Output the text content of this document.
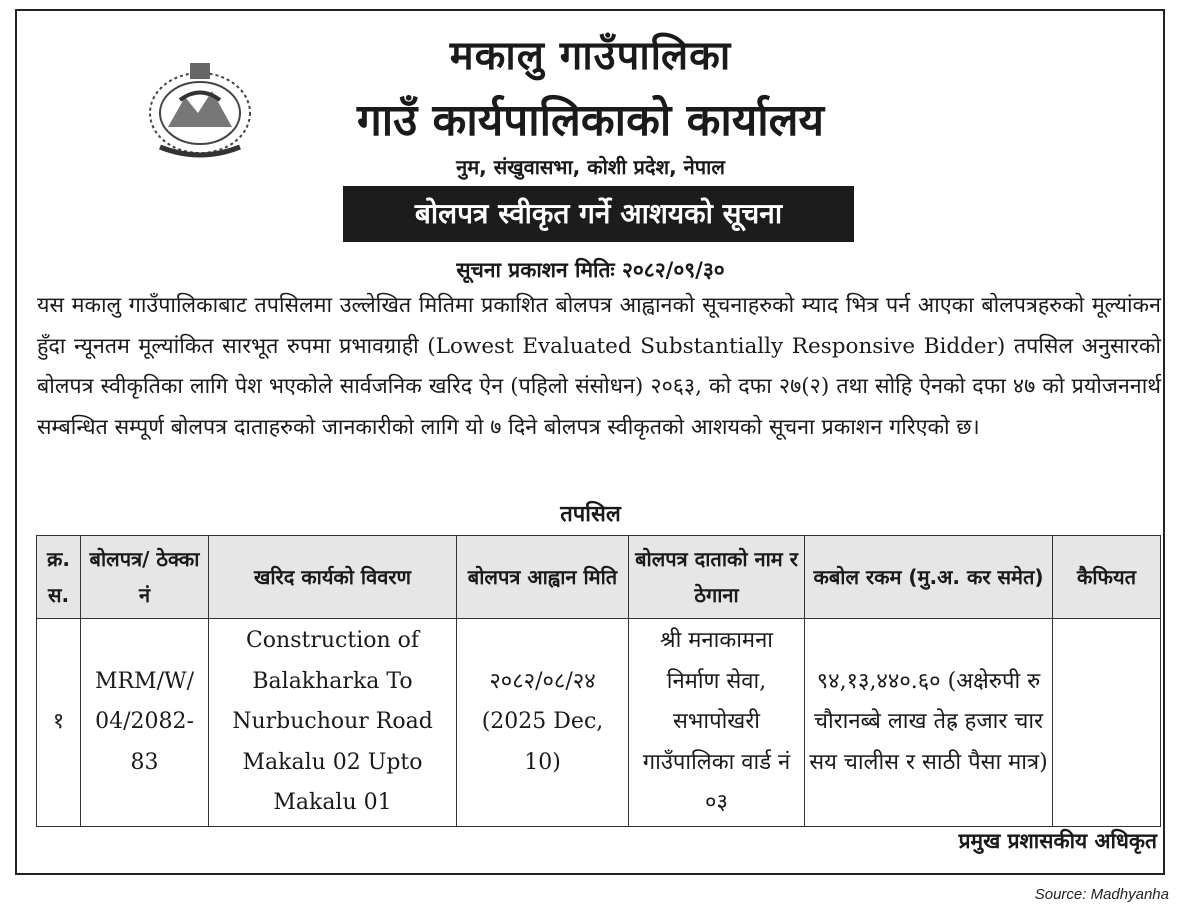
मकालु गाउँपालिका
गाउँ कार्यपालिकाको कार्यालय
नुम, संखुवासभा, कोशी प्रदेश, नेपाल
बोलपत्र स्वीकृत गर्ने आशयको सूचना
सूचना प्रकाशन मितिः २०८२/०९/३०
यस मकालु गाउँपालिकाबाट तपसिलमा उल्लेखित मितिमा प्रकाशित बोलपत्र आह्वानको सूचनाहरुको म्याद भित्र पर्न आएका बोलपत्रहरुको मूल्यांकन हुँदा न्यूनतम मूल्यांकित सारभूत रुपमा प्रभावग्राही (Lowest Evaluated Substantially Responsive Bidder) तपसिल अनुसारको बोलपत्र स्वीकृतिका लागि पेश भएकोले सार्वजनिक खरिद ऐन (पहिलो संसोधन) २०६३, को दफा २७(२) तथा सोहि ऐनको दफा ४७ को प्रयोजननार्थ सम्बन्धित सम्पूर्ण बोलपत्र दाताहरुको जानकारीको लागि यो ७ दिने बोलपत्र स्वीकृतको आशयको सूचना प्रकाशन गरिएको छ।
तपसिल
क्र. स.	बोलपत्र/ ठेक्का नं	खरिद कार्यको विवरण	बोलपत्र आह्वान मिति	बोलपत्र दाताको नाम र ठेगाना	कबोल रकम (मु.अ. कर समेत)	कैफियत
१	MRM/W/ 04/2082- 83	Construction of Balakharka To Nurbuchour Road Makalu 02 Upto Makalu 01	२०८२/०८/२४ (2025 Dec, 10)	श्री मनाकामना निर्माण सेवा, सभापोखरी गाउँपालिका वार्ड नं ०३	९४,१३,४४०.६० (अक्षेरुपी रु चौरानब्बे लाख तेह्र हजार चार सय चालीस र साठी पैसा मात्र)	
प्रमुख प्रशासकीय अधिकृत
Source: Madhyanha
